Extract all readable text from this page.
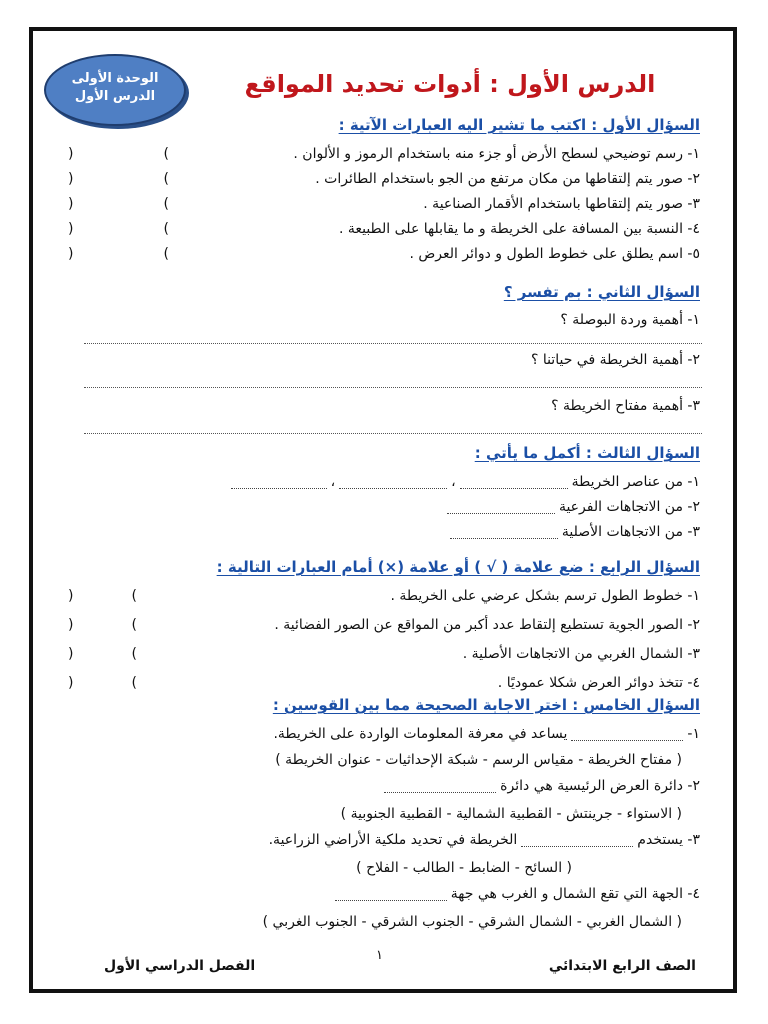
الوحدة الأولى
الدرس الأول	الدرس الأول : أدوات تحديد المواقع
السؤال الأول : اكتب ما تشير اليه العبارات الآتية :
١- رسم توضيحي لسطح الأرض أو جزء منه باستخدام الرموز و الألوان .
)	(
٢- صور يتم إلتقاطها من مكان مرتفع من الجو باستخدام الطائرات .
)	(
٣- صور يتم إلتقاطها باستخدام الأقمار الصناعية .
)	(
٤- النسبة بين المسافة على الخريطة و ما يقابلها على الطبيعة .
)	(
٥- اسم يطلق على خطوط الطول و دوائر العرض .
)	(
السؤال الثاني : بم تفسر ؟
١- أهمية وردة البوصلة ؟
٢- أهمية الخريطة في حياتنا ؟
٣- أهمية مفتاح الخريطة ؟
السؤال الثالث : أكمل ما يأتي :
١- من عناصر الخريطة
،
،
٢- من الاتجاهات الفرعية
٣- من الاتجاهات الأصلية
السؤال الرابع : ضع علامة ( √ ) أو علامة (×) أمام العبارات التالية :
١- خطوط الطول ترسم بشكل عرضي على الخريطة .
)	(
٢- الصور الجوية تستطيع إلتقاط عدد أكبر من المواقع عن الصور الفضائية .
)	(
٣- الشمال الغربي من الاتجاهات الأصلية .
)	(
٤- تتخذ دوائر العرض شكلا عموديًا .
)	(
السؤال الخامس : اختر الاجابة الصحيحة مما بين القوسين :
١-
يساعد في معرفة المعلومات الواردة على الخريطة.
( مفتاح الخريطة - مقياس الرسم - شبكة الإحداثيات - عنوان الخريطة )
٢- دائرة العرض الرئيسية هي دائرة
( الاستواء - جرينتش - القطبية الشمالية - القطبية الجنوبية )
٣- يستخدم
الخريطة في تحديد ملكية الأراضي الزراعية.
( السائح - الضابط - الطالب - الفلاح )
٤- الجهة التي تقع الشمال و الغرب هي جهة
( الشمال الغربي - الشمال الشرقي - الجنوب الشرقي - الجنوب الغربي )
١
الصف الرابع الابتدائي
الفصل الدراسي الأول
